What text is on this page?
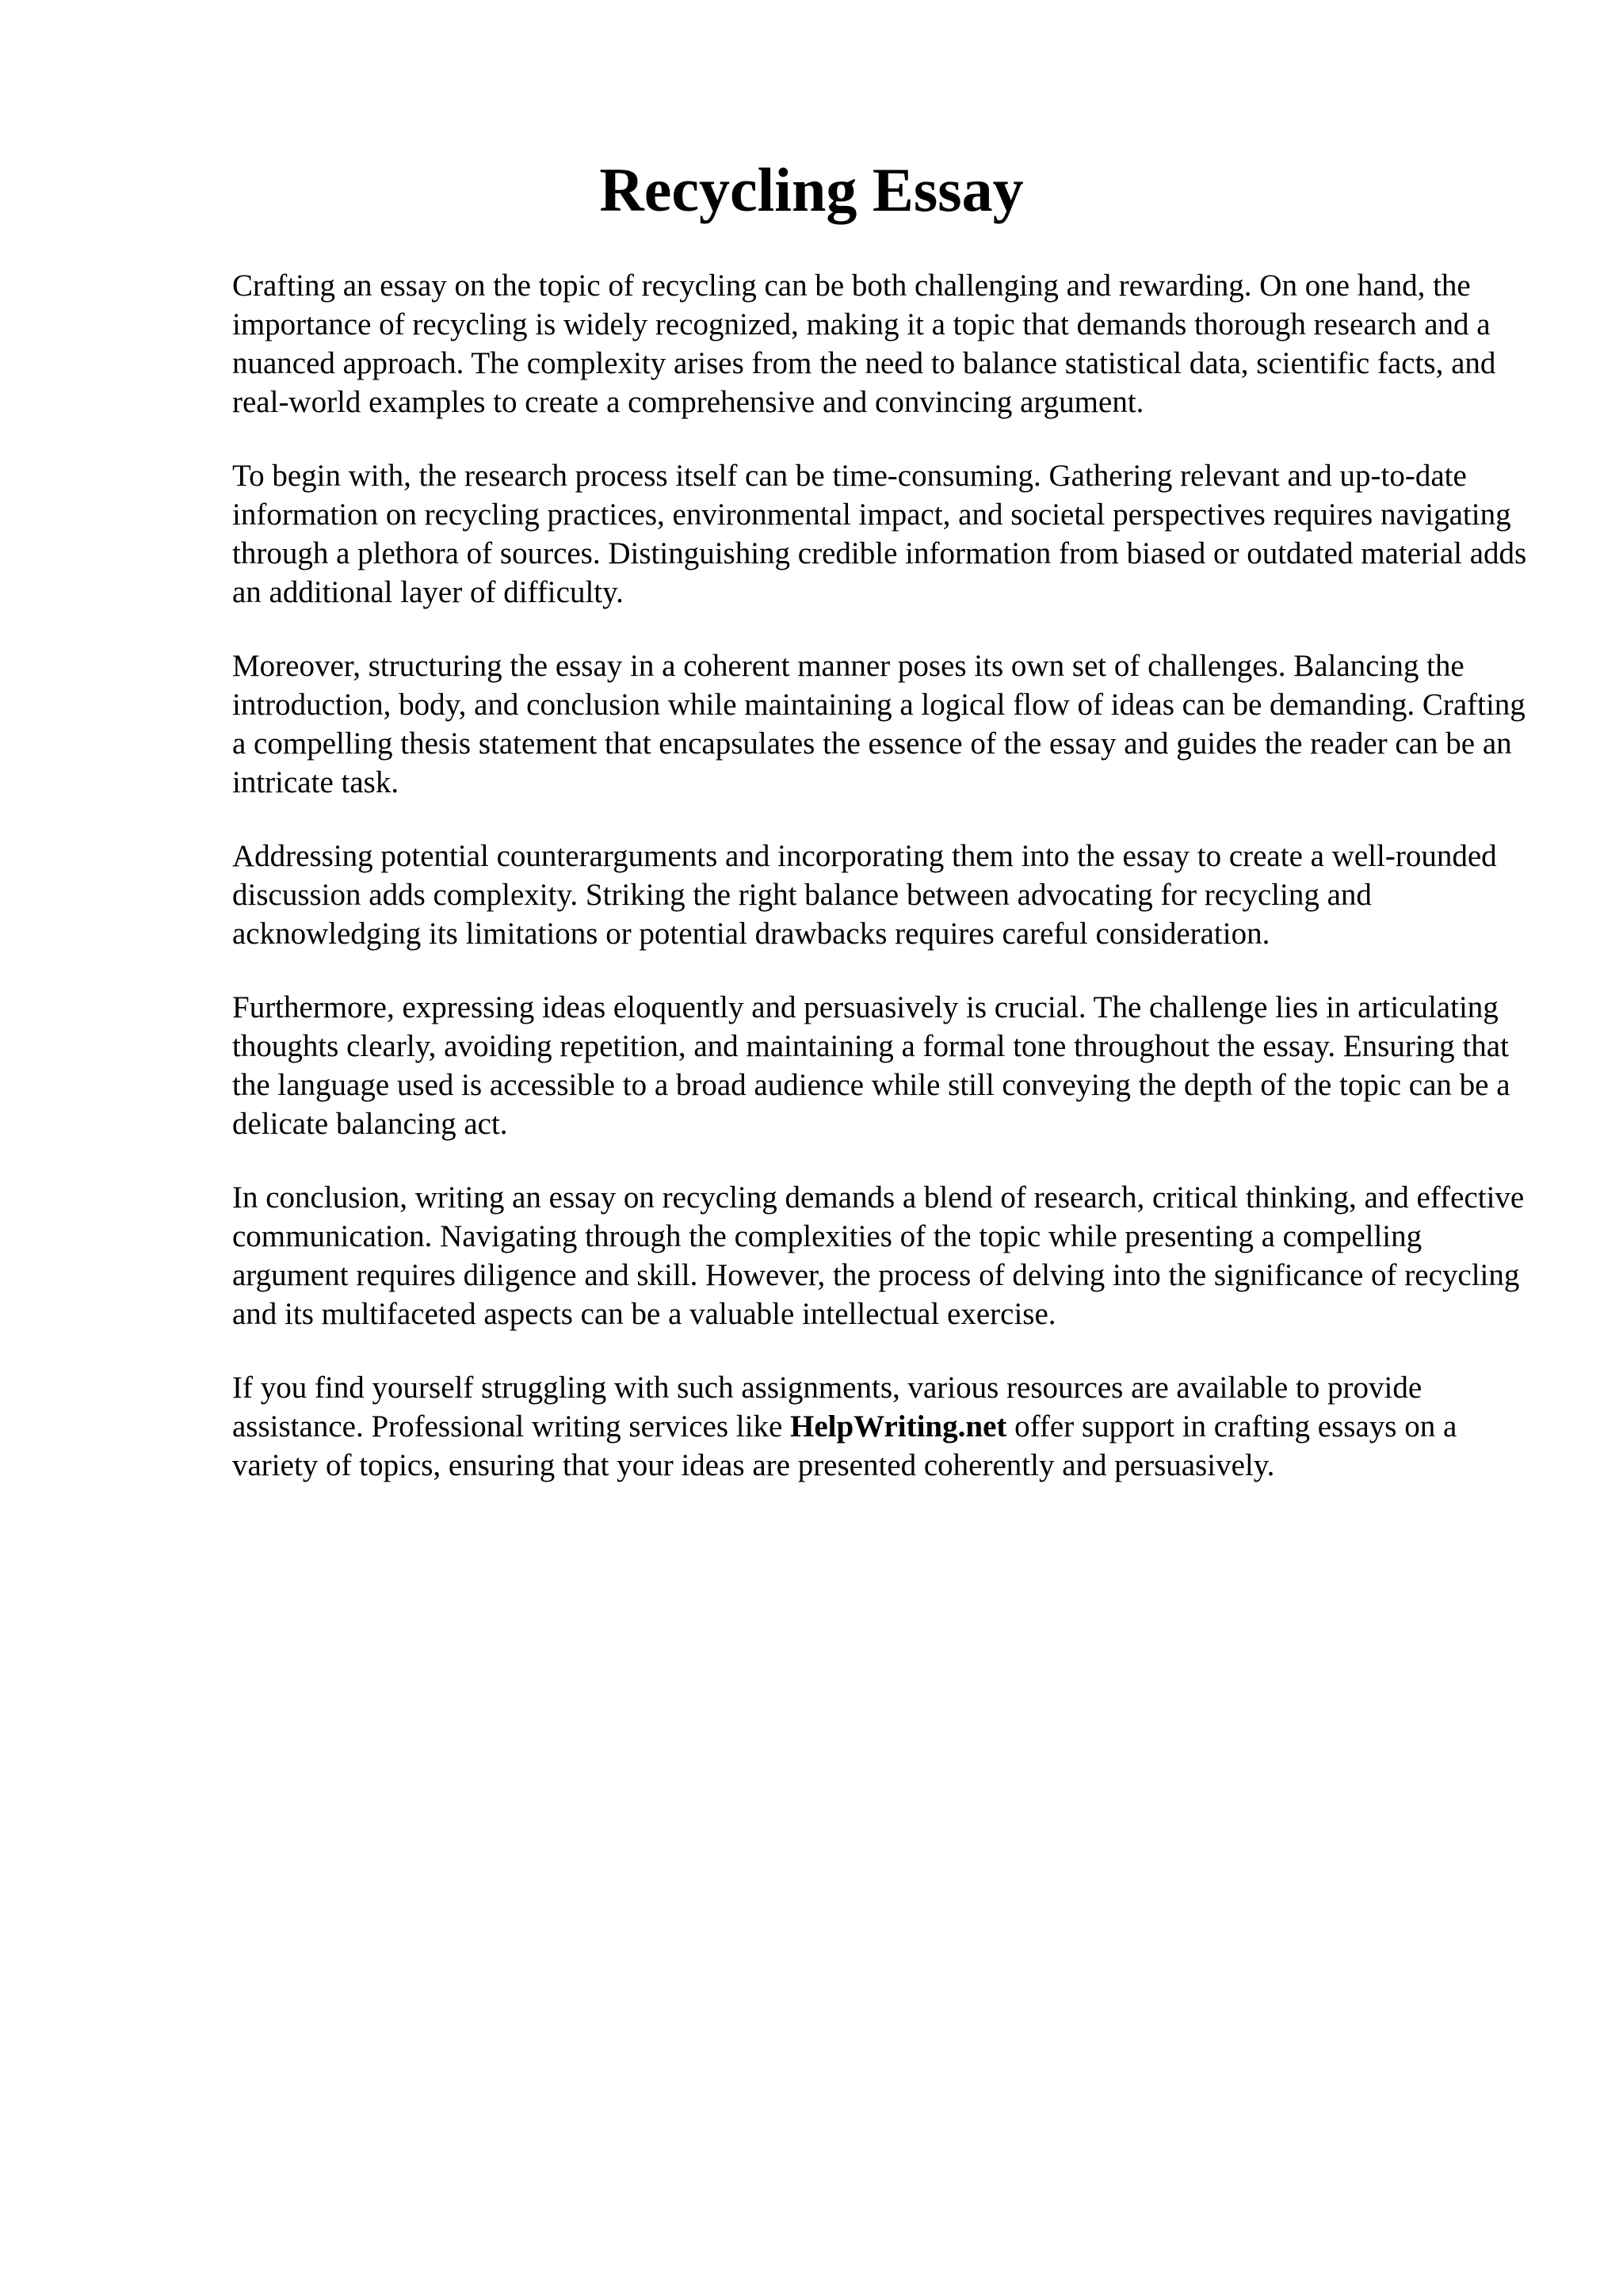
Recycling Essay

Crafting an essay on the topic of recycling can be both challenging and rewarding. On one hand, the importance of recycling is widely recognized, making it a topic that demands thorough research and a nuanced approach. The complexity arises from the need to balance statistical data, scientific facts, and real-world examples to create a comprehensive and convincing argument.

To begin with, the research process itself can be time-consuming. Gathering relevant and up-to-date information on recycling practices, environmental impact, and societal perspectives requires navigating through a plethora of sources. Distinguishing credible information from biased or outdated material adds an additional layer of difficulty.

Moreover, structuring the essay in a coherent manner poses its own set of challenges. Balancing the introduction, body, and conclusion while maintaining a logical flow of ideas can be demanding. Crafting a compelling thesis statement that encapsulates the essence of the essay and guides the reader can be an intricate task.

Addressing potential counterarguments and incorporating them into the essay to create a well-rounded discussion adds complexity. Striking the right balance between advocating for recycling and acknowledging its limitations or potential drawbacks requires careful consideration.

Furthermore, expressing ideas eloquently and persuasively is crucial. The challenge lies in articulating thoughts clearly, avoiding repetition, and maintaining a formal tone throughout the essay. Ensuring that the language used is accessible to a broad audience while still conveying the depth of the topic can be a delicate balancing act.

In conclusion, writing an essay on recycling demands a blend of research, critical thinking, and effective communication. Navigating through the complexities of the topic while presenting a compelling argument requires diligence and skill. However, the process of delving into the significance of recycling and its multifaceted aspects can be a valuable intellectual exercise.

If you find yourself struggling with such assignments, various resources are available to provide assistance. Professional writing services like HelpWriting.net offer support in crafting essays on a variety of topics, ensuring that your ideas are presented coherently and persuasively.
